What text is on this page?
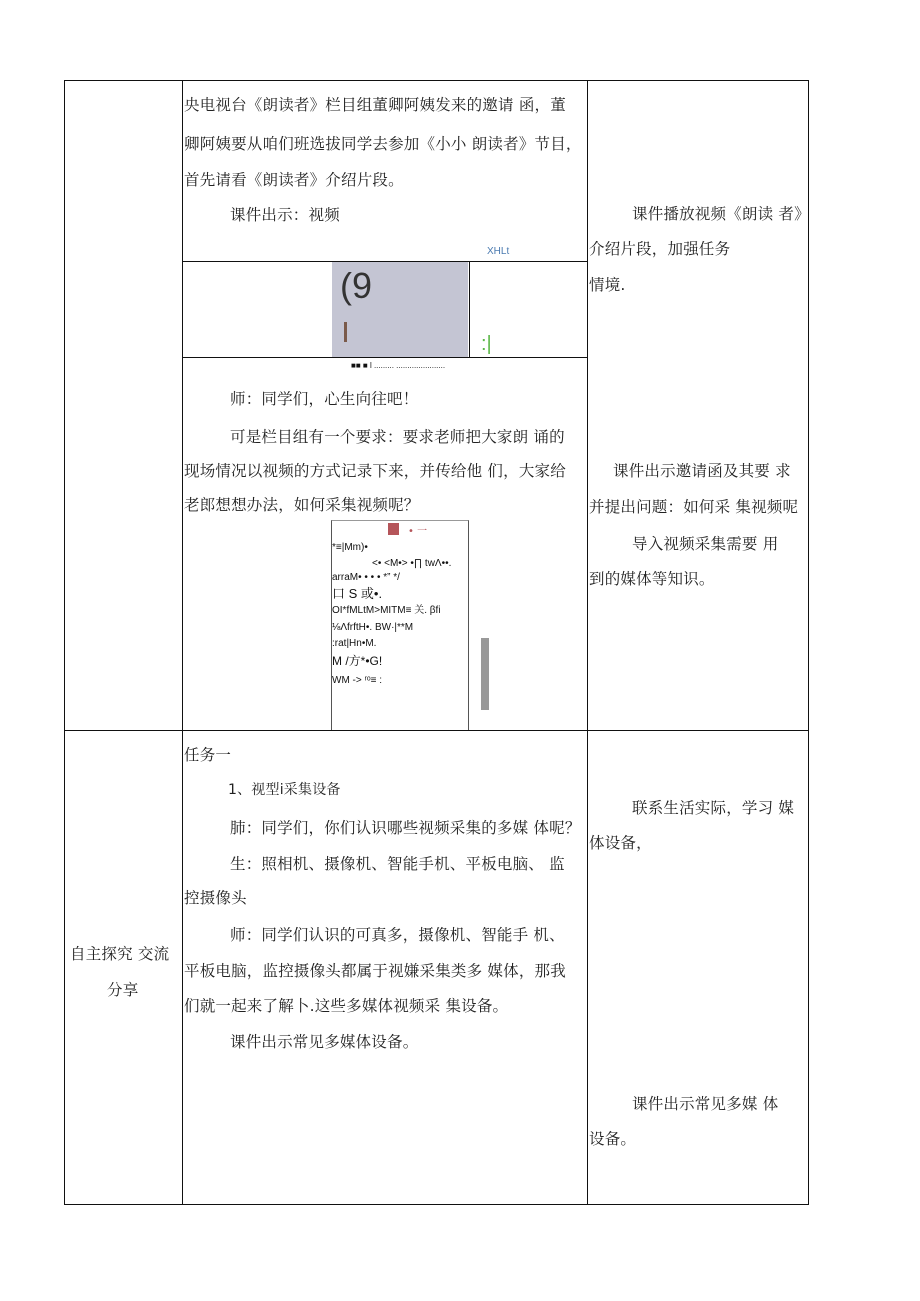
央电视台《朗读者》栏目组董卿阿姨发来的邀请 函，董
卿阿姨要从咱们班选拔同学去参加《小小 朗读者》节目，
首先请看《朗读者》介绍片段。
课件出示：视频
XHLt
课件播放视频《朗读 者》
介绍片段，加强任务
情境.
(9
:|
■■ ■ l ......... ......................
师：同学们，心生向往吧！
可是栏目组有一个要求：要求老师把大家朗 诵的
现场情况以视频的方式记录下来，并传给他 们，大家给
老郎想想办法，如何采集视频呢？
• 一
*≡|Mm)•
<• <M•> •∏ twΛ••.
arraM• • • • *” */
口 S 或•.
OI*fMLtM>MITM≡ 关. βfi
⅛ΛfrftH•. BW·|**M
:rat|Hn•M.
M /方*•G!
WM -> ʳᵒ≡ :
课件出示邀请函及其要 求
并提出问题：如何采 集视频呢
导入视频采集需要 用
到的媒体等知识。
自主探究 交流
分享
任务一
1、视型i采集设备
肺：同学们，你们认识哪些视频采集的多媒 体呢？
生：照相机、摄像机、智能手机、平板电脑、 监
控摄像头
师：同学们认识的可真多，摄像机、智能手 机、
平板电脑，监控摄像头都属于视嫌采集类多 媒体，那我
们就一起来了解卜.这些多媒体视频采 集设备。
课件出示常见多媒体设备。
联系生活实际，学习 媒
体设备，
课件出示常见多媒 体
设备。
